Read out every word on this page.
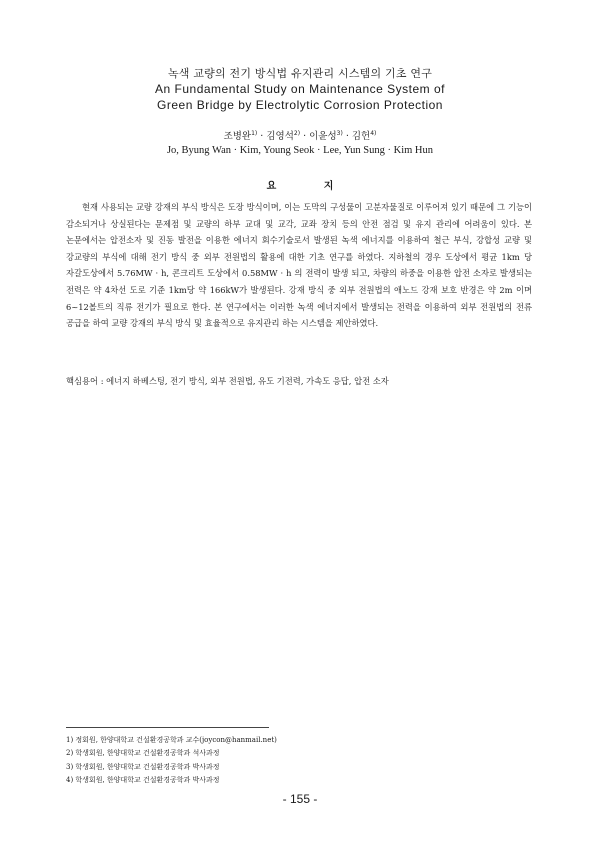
녹색 교량의 전기 방식법 유지관리 시스템의 기초 연구
An Fundamental Study on Maintenance System of
Green Bridge by Electrolytic Corrosion Protection
조병완$^{1)}$ · 김영석$^{2)}$ · 이윤성$^{3)}$ · 김헌$^{4)}$
Jo, Byung Wan · Kim, Young Seok · Lee, Yun Sung · Kim Hun
요 지

현재 사용되는 교량 강재의 부식 방식은 도장 방식이며, 이는 도막의 구성물이 고분자물질로 이루어져 있기 때문에 그 기능이 감소되거나 상실된다는 문제점 및 교량의 하부 교대 및 교각, 교좌 장치 등의 안전 점검 및 유지 관리에 어려움이 있다. 본 논문에서는 압전소자 및 진동 발전을 이용한 에너지 회수기술로서 발생된 녹색 에너지를 이용하여 철근 부식, 강합성 교량 및 강교량의 부식에 대해 전기 방식 중 외부 전원법의 활용에 대한 기초 연구를 하였다. 지하철의 경우 도상에서 평균 1km 당 자갈도상에서 5.76MW · h, 콘크리트 도상에서 0.58MW · h 의 전력이 발생 되고, 차량의 하중을 이용한 압전 소자로 발생되는 전력은 약 4차선 도로 기준 1km당 약 166kW가 발생된다. 강재 방식 중 외부 전원법의 애노드 강재 보호 반경은 약 2m 이며 6~12볼트의 직류 전기가 필요로 한다. 본 연구에서는 이러한 녹색 에너지에서 발생되는 전력을 이용하여 외부 전원법의 전류 공급을 하여 교량 강재의 부식 방식 및 효율적으로 유지관리 하는 시스템을 제안하였다.

핵심용어 : 에너지 하베스팅, 전기 방식, 외부 전원법, 유도 기전력, 가속도 응답, 압전 소자
1) 정회원, 한양대학교 건설환경공학과 교수(joycon@hanmail.net)
2) 학생회원, 한양대학교 건설환경공학과 석사과정
3) 학생회원, 한양대학교 건설환경공학과 박사과정
4) 학생회원, 한양대학교 건설환경공학과 박사과정
- 155 -
